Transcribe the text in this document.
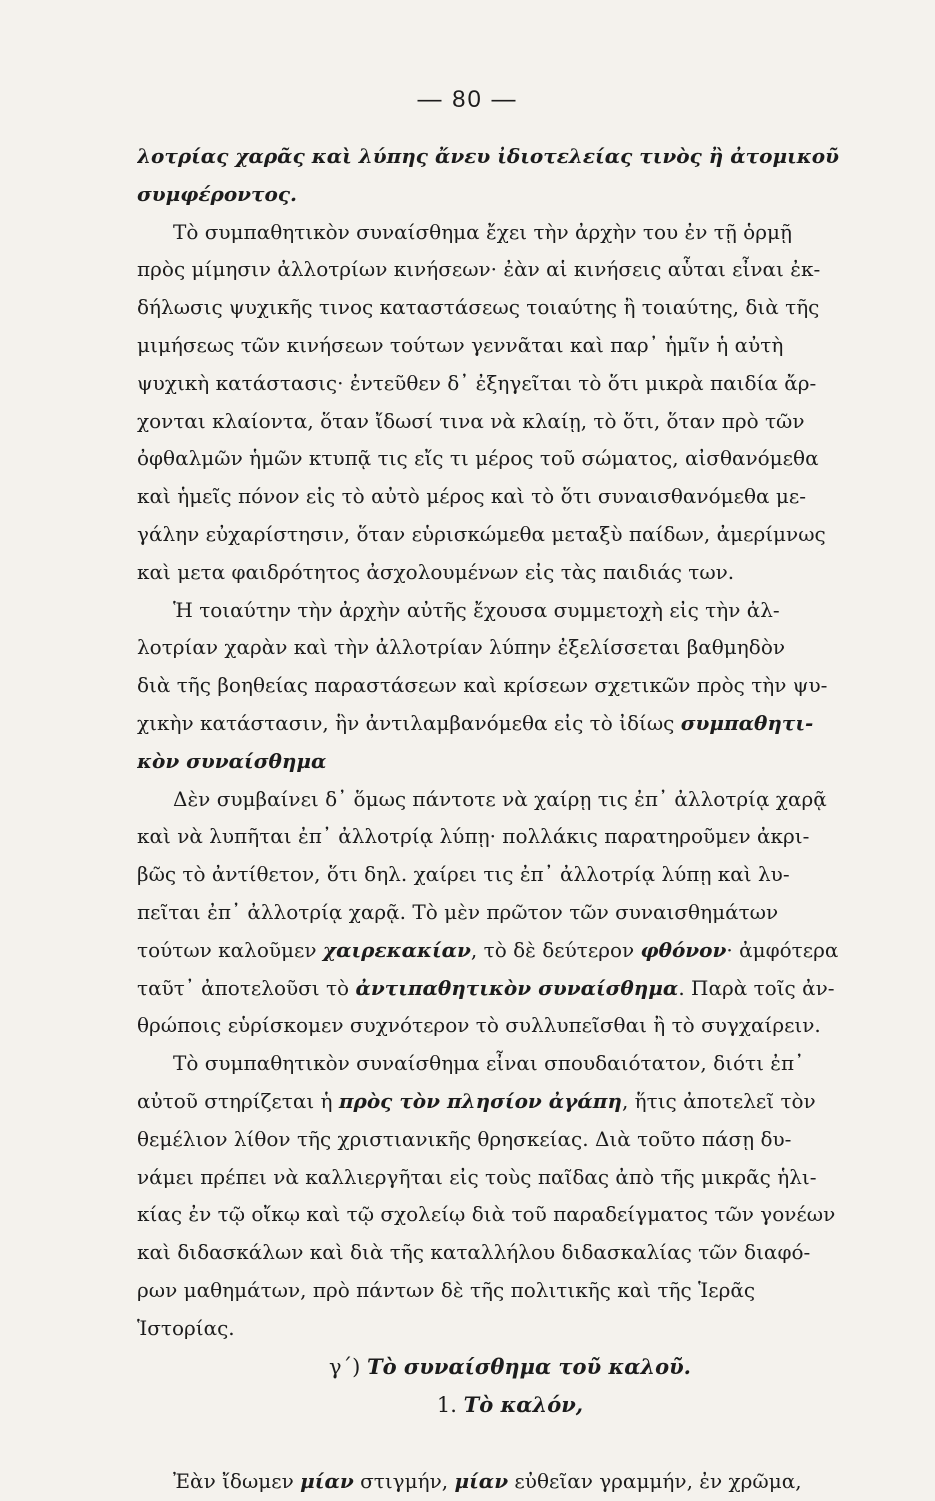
— 80 —
λοτρίας χαρᾶς καὶ λύπης ἄνευ ἰδιοτελείας τινὸς ἢ ἀτομικοῦ
συμφέροντος.
Τὸ συμπαθητικὸν συναίσθημα ἔχει τὴν ἀρχὴν του ἐν τῇ ὁρμῇ
πρὸς μίμησιν ἀλλοτρίων κινήσεων· ἐὰν αἱ κινήσεις αὗται εἶναι ἐκ-
δήλωσις ψυχικῆς τινος καταστάσεως τοιαύτης ἢ τοιαύτης, διὰ τῆς
μιμήσεως τῶν κινήσεων τούτων γεννᾶται καὶ παρ᾽ ἡμῖν ἡ αὐτὴ
ψυχικὴ κατάστασις· ἐντεῦθεν δ᾽ ἐξηγεῖται τὸ ὅτι μικρὰ παιδία ἄρ-
χονται κλαίοντα, ὅταν ἴδωσί τινα νὰ κλαίῃ, τὸ ὅτι, ὅταν πρὸ τῶν
ὀφθαλμῶν ἡμῶν κτυπᾷ τις εἴς τι μέρος τοῦ σώματος, αἰσθανόμεθα
καὶ ἡμεῖς πόνον εἰς τὸ αὐτὸ μέρος καὶ τὸ ὅτι συναισθανόμεθα με-
γάλην εὐχαρίστησιν, ὅταν εὑρισκώμεθα μεταξὺ παίδων, ἀμερίμνως
καὶ μετα φαιδρότητος ἀσχολουμένων εἰς τὰς παιδιάς των.
Ἡ τοιαύτην τὴν ἀρχὴν αὐτῆς ἔχουσα συμμετοχὴ εἰς τὴν ἀλ-
λοτρίαν χαρὰν καὶ τὴν ἀλλοτρίαν λύπην ἐξελίσσεται βαθμηδὸν
διὰ τῆς βοηθείας παραστάσεων καὶ κρίσεων σχετικῶν πρὸς τὴν ψυ-
χικὴν κατάστασιν, ἣν ἀντιλαμβανόμεθα εἰς τὸ ἰδίως συμπαθητι-
κὸν συναίσθημα
Δὲν συμβαίνει δ᾽ ὅμως πάντοτε νὰ χαίρῃ τις ἐπ᾽ ἀλλοτρίᾳ χαρᾷ
καὶ νὰ λυπῆται ἐπ᾽ ἀλλοτρίᾳ λύπῃ· πολλάκις παρατηροῦμεν ἀκρι-
βῶς τὸ ἀντίθετον, ὅτι δηλ. χαίρει τις ἐπ᾽ ἀλλοτρίᾳ λύπῃ καὶ λυ-
πεῖται ἐπ᾽ ἀλλοτρίᾳ χαρᾷ. Τὸ μὲν πρῶτον τῶν συναισθημάτων
τούτων καλοῦμεν χαιρεκακίαν, τὸ δὲ δεύτερον φθόνον· ἀμφότερα
ταῦτ᾽ ἀποτελοῦσι τὸ ἀντιπαθητικὸν συναίσθημα. Παρὰ τοῖς ἀν-
θρώποις εὑρίσκομεν συχνότερον τὸ συλλυπεῖσθαι ἢ τὸ συγχαίρειν.
Τὸ συμπαθητικὸν συναίσθημα εἶναι σπουδαιότατον, διότι ἐπ᾽
αὐτοῦ στηρίζεται ἡ πρὸς τὸν πλησίον ἀγάπη, ἥτις ἀποτελεῖ τὸν
θεμέλιον λίθον τῆς χριστιανικῆς θρησκείας. Διὰ τοῦτο πάσῃ δυ-
νάμει πρέπει νὰ καλλιεργῆται εἰς τοὺς παῖδας ἀπὸ τῆς μικρᾶς ἡλι-
κίας ἐν τῷ οἴκῳ καὶ τῷ σχολείῳ διὰ τοῦ παραδείγματος τῶν γονέων
καὶ διδασκάλων καὶ διὰ τῆς καταλλήλου διδασκαλίας τῶν διαφό-
ρων μαθημάτων, πρὸ πάντων δὲ τῆς πολιτικῆς καὶ τῆς Ἱερᾶς
Ἱστορίας.
γ΄) Τὸ συναίσθημα τοῦ καλοῦ.
1. Τὸ καλόν,

Ἐὰν ἴδωμεν μίαν στιγμήν, μίαν εὐθεῖαν γραμμήν, ἐν χρῶμα,
